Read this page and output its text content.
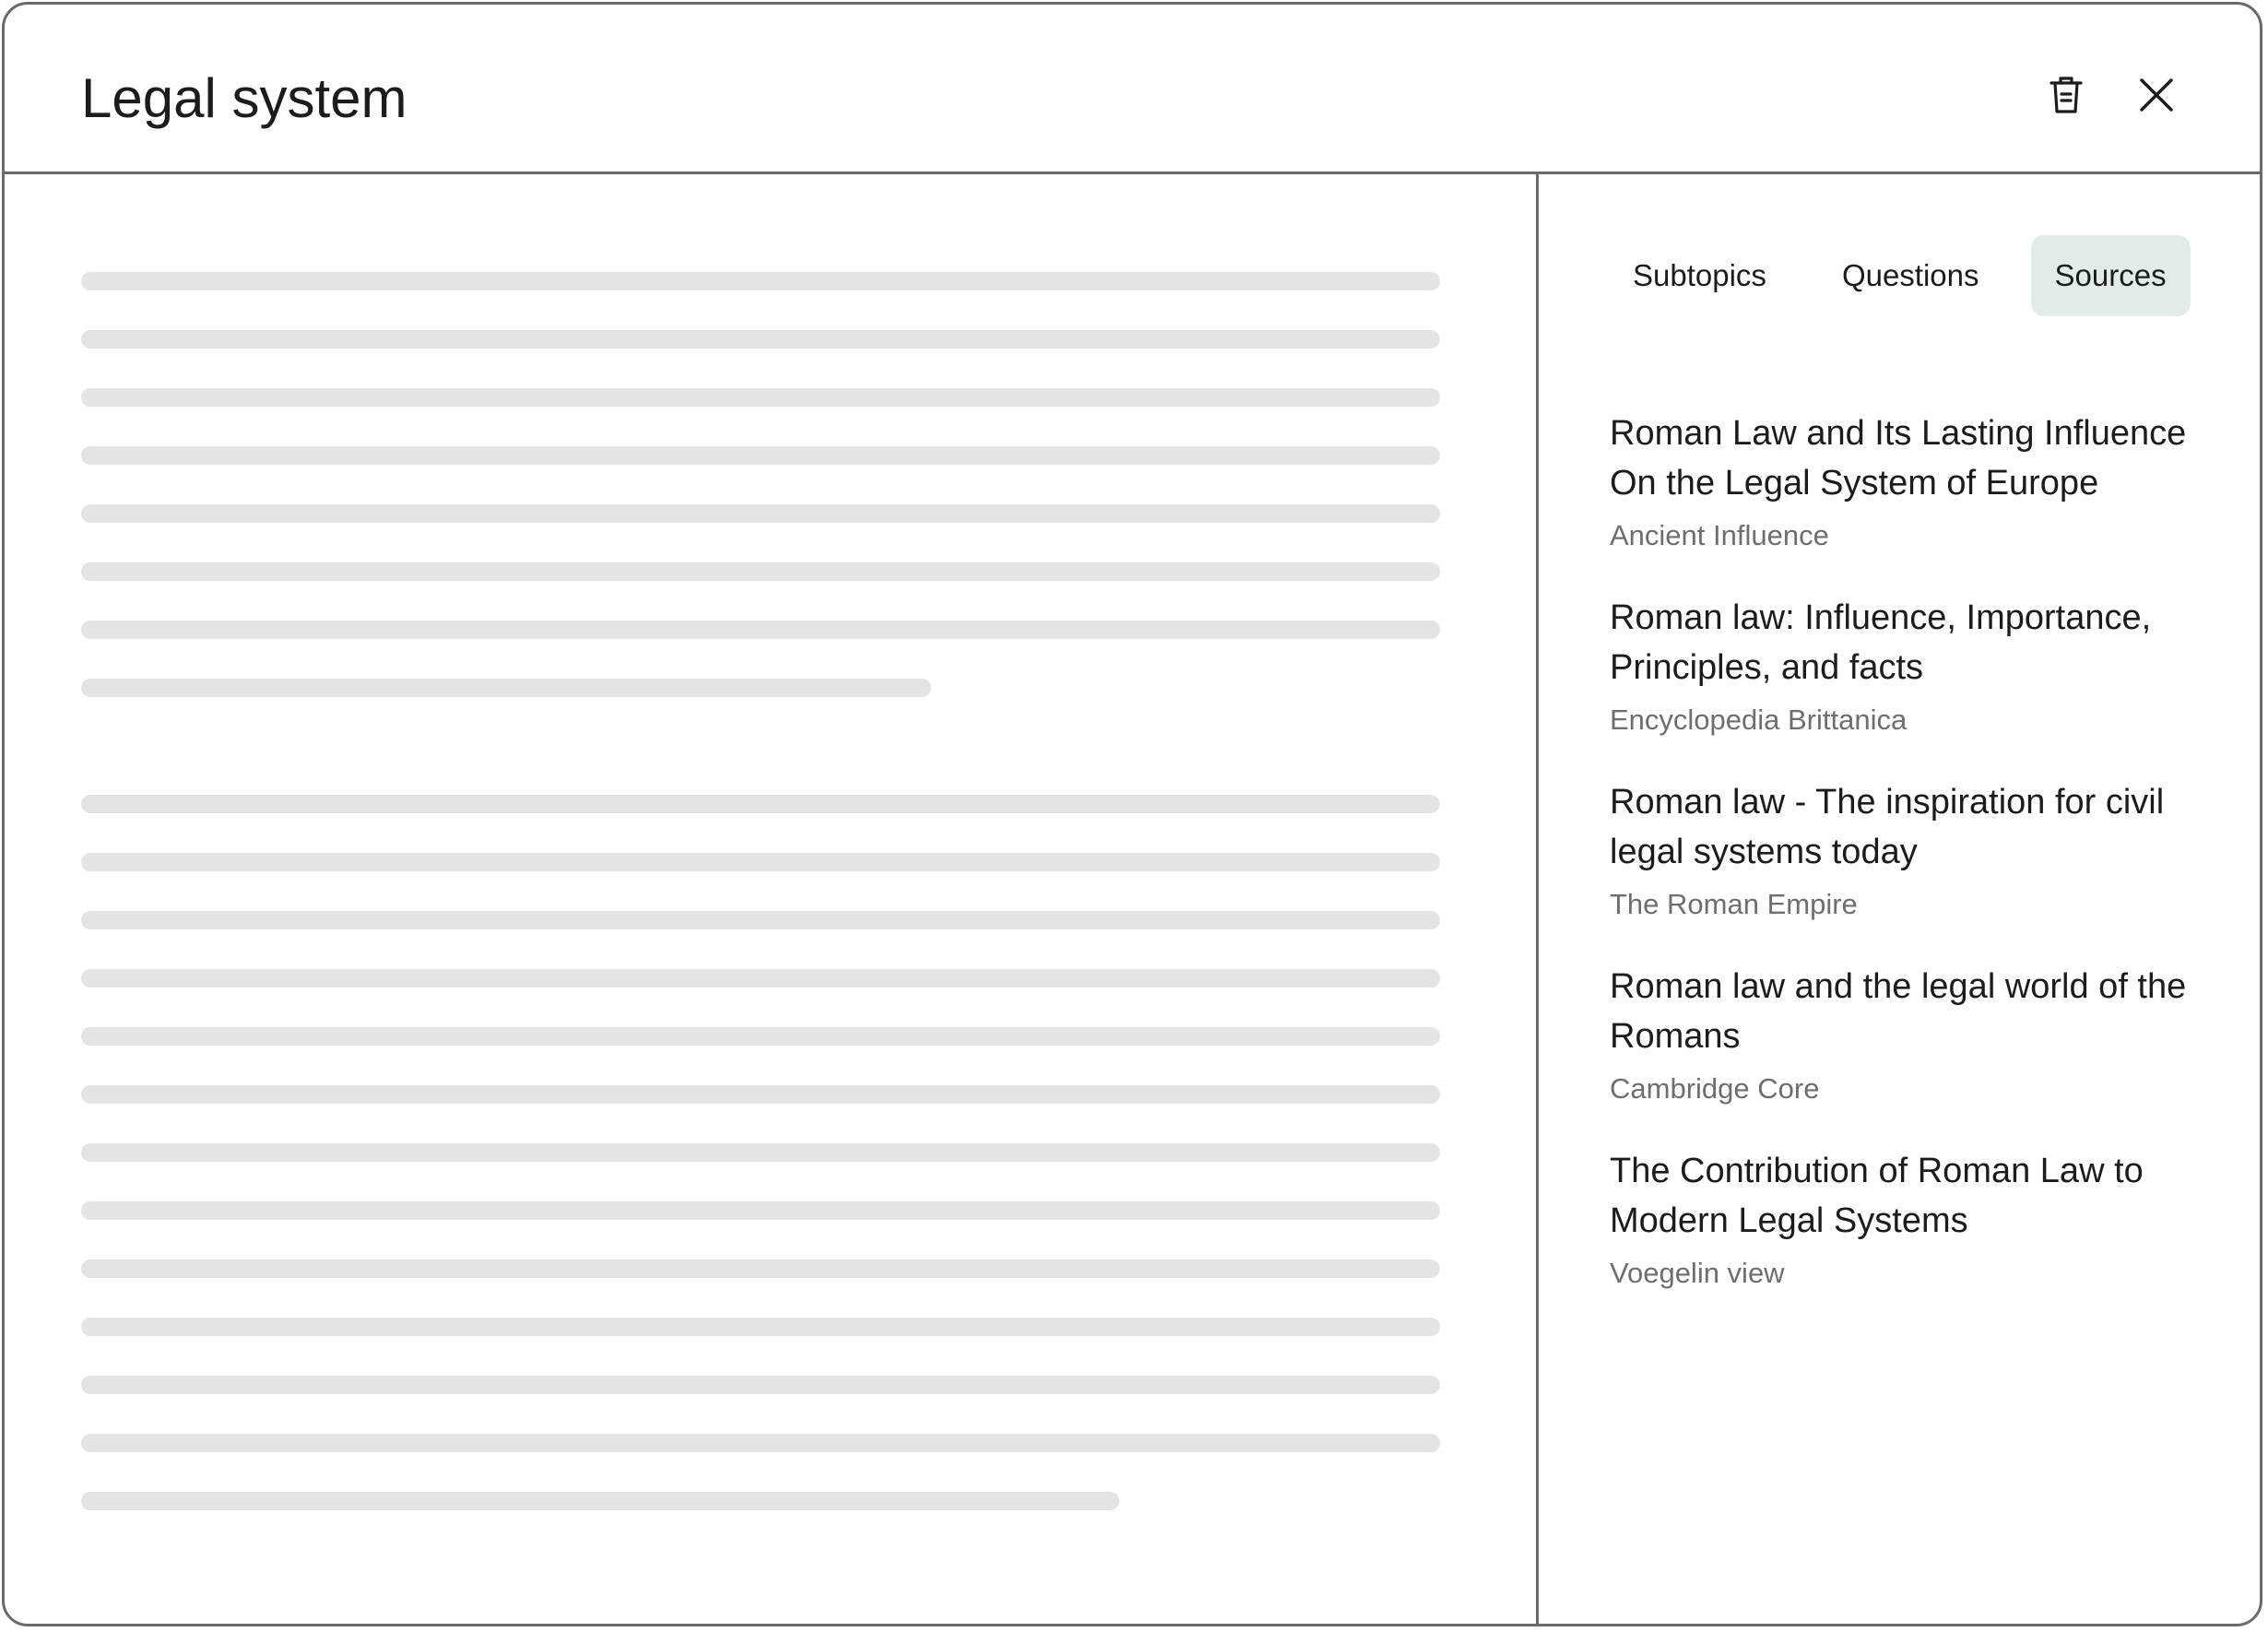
Legal system
Subtopics	Questions	Sources
Roman Law and Its Lasting Influence On the Legal System of Europe
Ancient Influence
Roman law: Influence, Importance, Principles, and facts
Encyclopedia Brittanica
Roman law - The inspiration for civil legal systems today
The Roman Empire
Roman law and the legal world of the Romans
Cambridge Core
The Contribution of Roman Law to Modern Legal Systems
Voegelin view
